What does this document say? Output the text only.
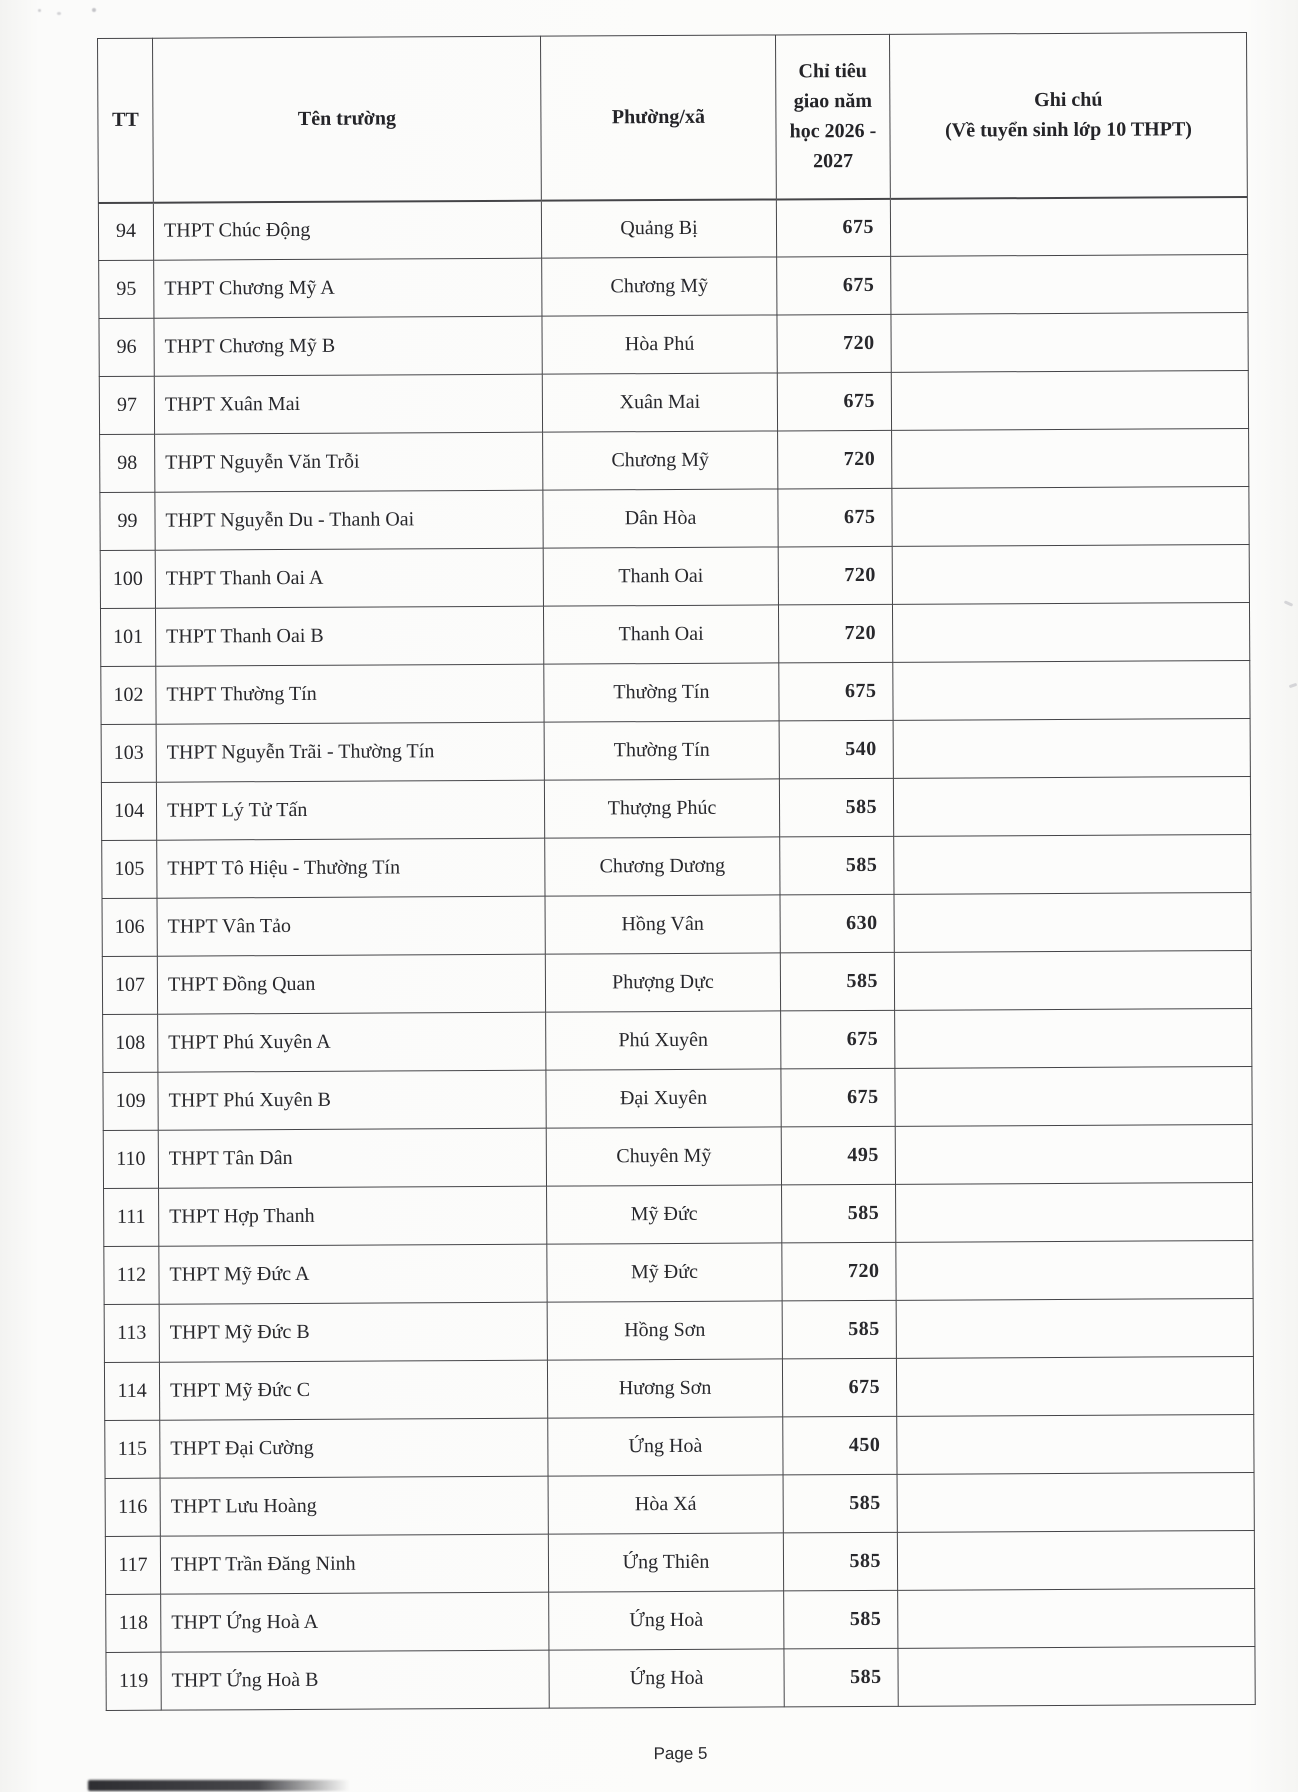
TT	Tên trường	Phường/xã	Chỉ tiêu giao năm học 2026 - 2027	Ghi chú
(Về tuyển sinh lớp 10 THPT)

94	THPT Chúc Động	Quảng Bị	675	
95	THPT Chương Mỹ A	Chương Mỹ	675	
96	THPT Chương Mỹ B	Hòa Phú	720	
97	THPT Xuân Mai	Xuân Mai	675	
98	THPT Nguyễn Văn Trỗi	Chương Mỹ	720	
99	THPT Nguyễn Du - Thanh Oai	Dân Hòa	675	
100	THPT Thanh Oai A	Thanh Oai	720	
101	THPT Thanh Oai B	Thanh Oai	720	
102	THPT Thường Tín	Thường Tín	675	
103	THPT Nguyễn Trãi - Thường Tín	Thường Tín	540	
104	THPT Lý Tử Tấn	Thượng Phúc	585	
105	THPT Tô Hiệu - Thường Tín	Chương Dương	585	
106	THPT Vân Tảo	Hồng Vân	630	
107	THPT Đồng Quan	Phượng Dực	585	
108	THPT Phú Xuyên A	Phú Xuyên	675	
109	THPT Phú Xuyên B	Đại Xuyên	675	
110	THPT Tân Dân	Chuyên Mỹ	495	
111	THPT Hợp Thanh	Mỹ Đức	585	
112	THPT Mỹ Đức A	Mỹ Đức	720	
113	THPT Mỹ Đức B	Hồng Sơn	585	
114	THPT Mỹ Đức C	Hương Sơn	675	
115	THPT Đại Cường	Ứng Hoà	450	
116	THPT Lưu Hoàng	Hòa Xá	585	
117	THPT Trần Đăng Ninh	Ứng Thiên	585	
118	THPT Ứng Hoà A	Ứng Hoà	585	
119	THPT Ứng Hoà B	Ứng Hoà	585	
Page 5
